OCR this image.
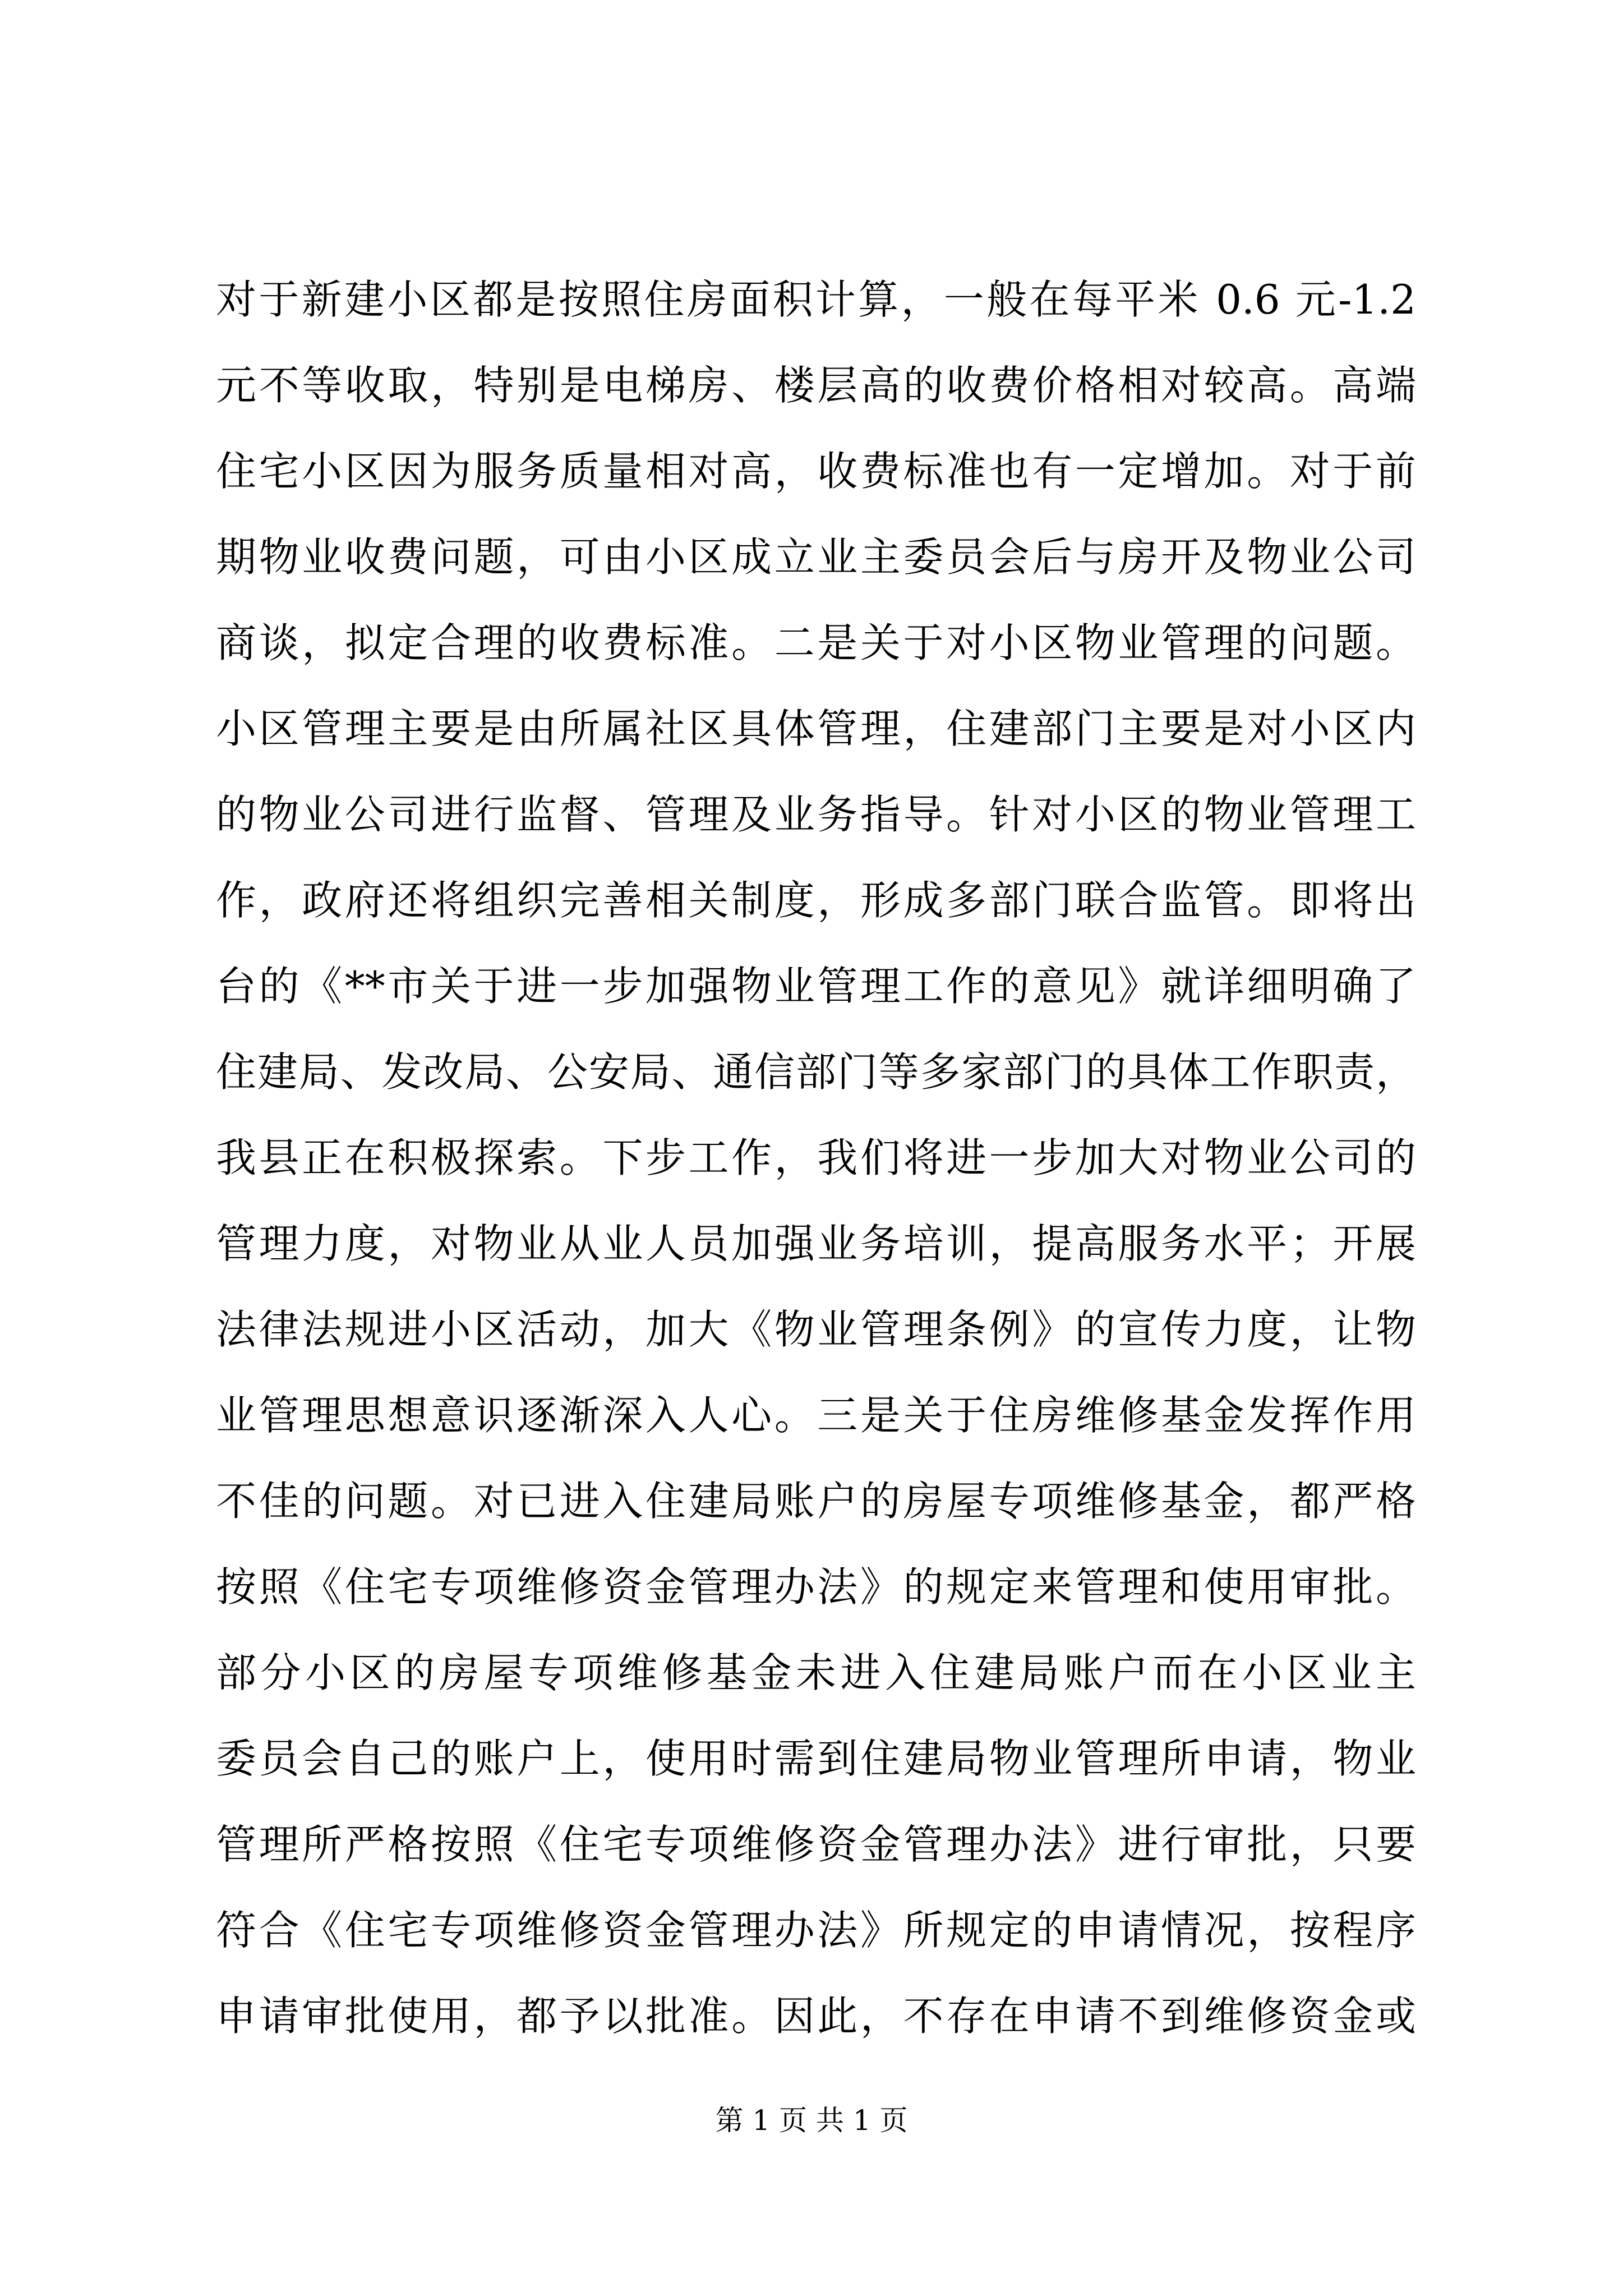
对于新建小区都是按照住房面积计算，一般在每平米 0.6 元-1.2
元不等收取，特别是电梯房、楼层高的收费价格相对较高。高端
住宅小区因为服务质量相对高，收费标准也有一定增加。对于前
期物业收费问题，可由小区成立业主委员会后与房开及物业公司
商谈，拟定合理的收费标准。二是关于对小区物业管理的问题。
小区管理主要是由所属社区具体管理，住建部门主要是对小区内
的物业公司进行监督、管理及业务指导。针对小区的物业管理工
作，政府还将组织完善相关制度，形成多部门联合监管。即将出
台的《**市关于进一步加强物业管理工作的意见》就详细明确了
住建局、发改局、公安局、通信部门等多家部门的具体工作职责，
我县正在积极探索。下步工作，我们将进一步加大对物业公司的
管理力度，对物业从业人员加强业务培训，提高服务水平；开展
法律法规进小区活动，加大《物业管理条例》的宣传力度，让物
业管理思想意识逐渐深入人心。三是关于住房维修基金发挥作用
不佳的问题。对已进入住建局账户的房屋专项维修基金，都严格
按照《住宅专项维修资金管理办法》的规定来管理和使用审批。
部分小区的房屋专项维修基金未进入住建局账户而在小区业主
委员会自己的账户上，使用时需到住建局物业管理所申请，物业
管理所严格按照《住宅专项维修资金管理办法》进行审批，只要
符合《住宅专项维修资金管理办法》所规定的申请情况，按程序
申请审批使用，都予以批准。因此，不存在申请不到维修资金或
第 1 页 共 1 页
